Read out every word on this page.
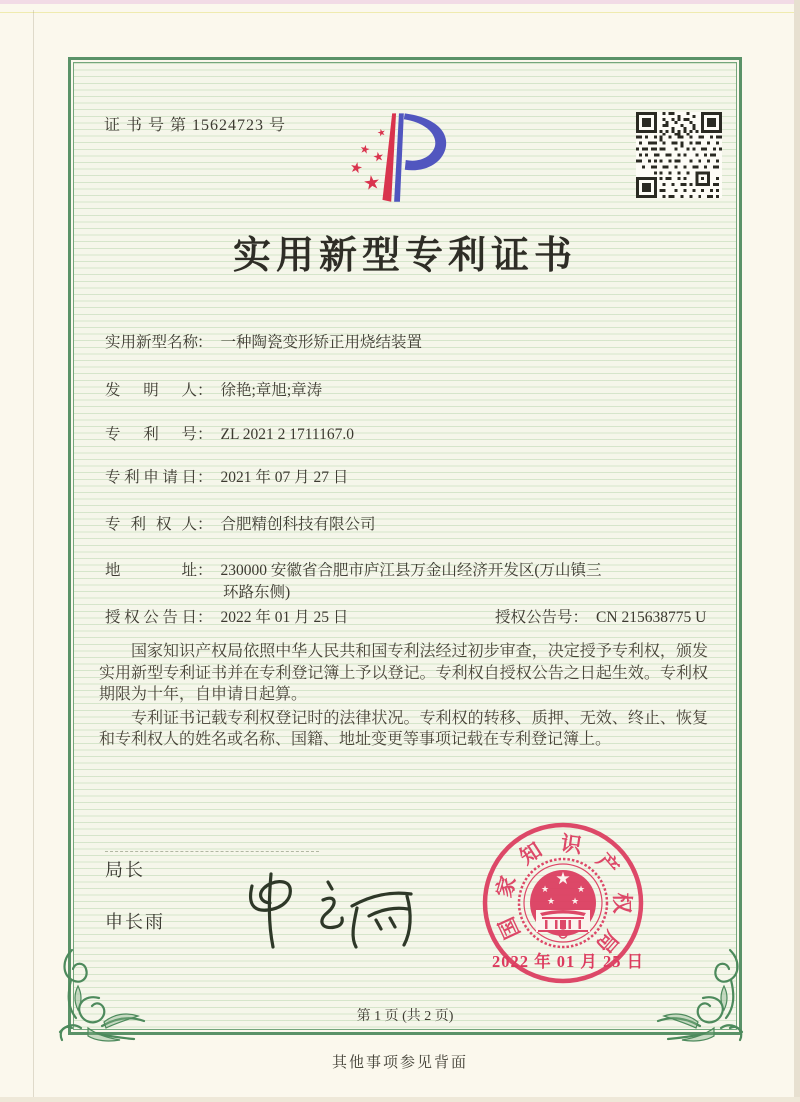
证 书 号 第 15624723 号	★
★ ★
★
★
实用新型专利证书
实用新型名称： 一种陶瓷变形矫正用烧结装置
发明人： 徐艳;章旭;章涛
专利号： ZL 2021 2 1711167.0
专利申请日： 2021 年 07 月 27 日
专利权人： 合肥精创科技有限公司
地址： 230000 安徽省合肥市庐江县万金山经济开发区(万山镇三
环路东侧)
授权公告日： 2022 年 01 月 25 日	授权公告号： CN 215638775 U

国家知识产权局依照中华人民共和国专利法经过初步审查，决定授予专利权，颁发实用新型专利证书并在专利登记簿上予以登记。专利权自授权公告之日起生效。专利权期限为十年，自申请日起算。

专利证书记载专利权登记时的法律状况。专利权的转移、质押、无效、终止、恢复和专利权人的姓名或名称、国籍、地址变更等事项记载在专利登记簿上。

局长
申长雨	国
家
知 识
产
权
局
★
★	★
★ ★
2022 年 01 月 25 日
第 1 页 (共 2 页)
其他事项参见背面
